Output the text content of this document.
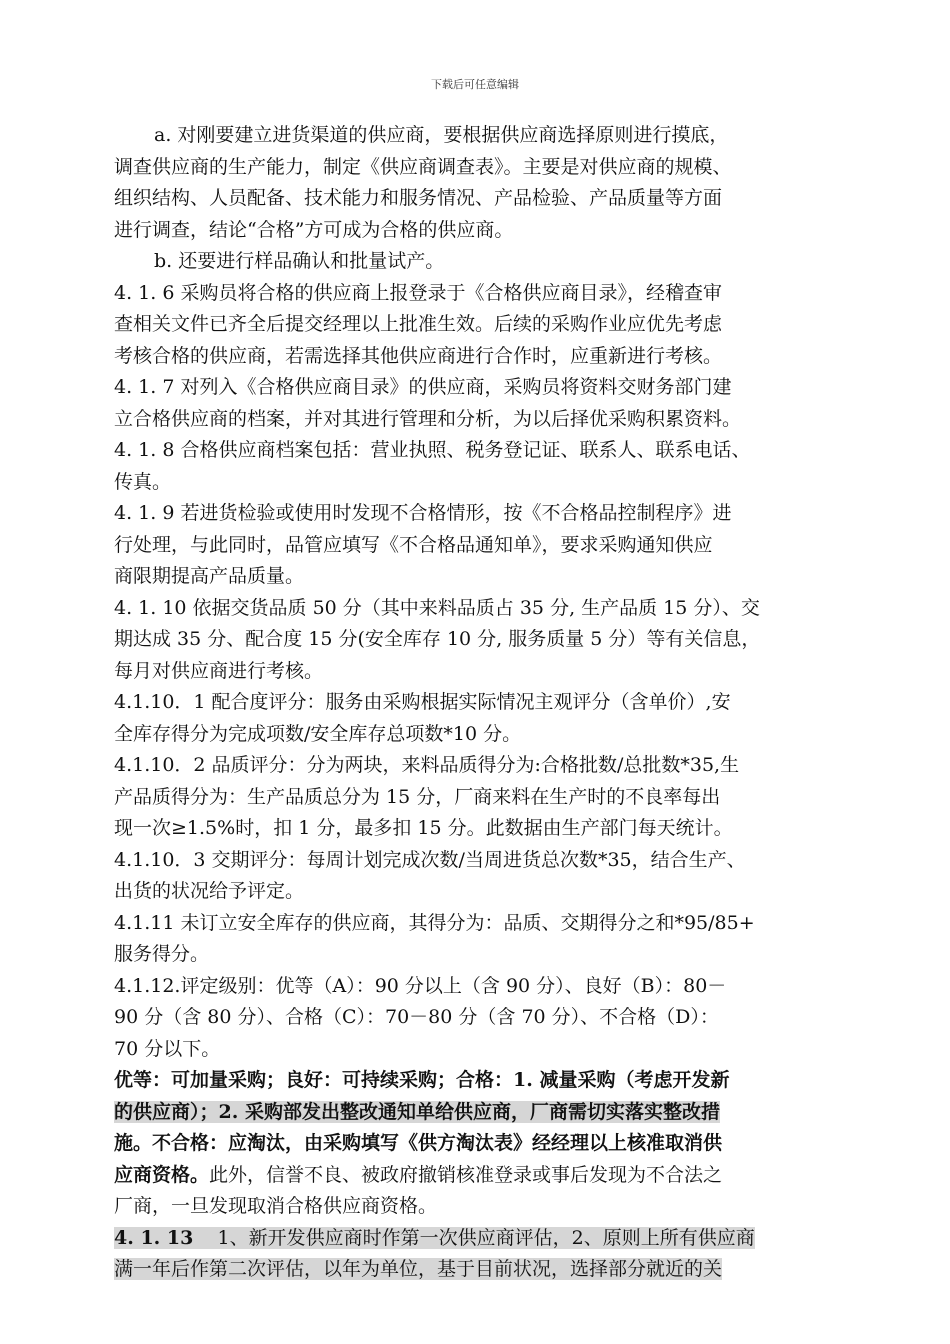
下载后可任意编辑
a. 对刚要建立进货渠道的供应商，要根据供应商选择原则进行摸底，
调查供应商的生产能力，制定《供应商调查表》。主要是对供应商的规模、
组织结构、人员配备、技术能力和服务情况、产品检验、产品质量等方面
进行调查，结论“合格”方可成为合格的供应商。
b. 还要进行样品确认和批量试产。
4. 1. 6 采购员将合格的供应商上报登录于《合格供应商目录》，经稽查审
查相关文件已齐全后提交经理以上批准生效。后续的采购作业应优先考虑
考核合格的供应商，若需选择其他供应商进行合作时，应重新进行考核。
4. 1. 7 对列入《合格供应商目录》的供应商，采购员将资料交财务部门建
立合格供应商的档案，并对其进行管理和分析，为以后择优采购积累资料。
4. 1. 8 合格供应商档案包括：营业执照、税务登记证、联系人、联系电话、
传真。
4. 1. 9 若进货检验或使用时发现不合格情形，按《不合格品控制程序》进
行处理，与此同时，品管应填写《不合格品通知单》，要求采购通知供应
商限期提高产品质量。
4. 1. 10 依据交货品质 50 分（其中来料品质占 35 分, 生产品质 15 分）、交
期达成 35 分、配合度 15 分(安全库存 10 分, 服务质量 5 分）等有关信息，
每月对供应商进行考核。
4.1.10．1 配合度评分：服务由采购根据实际情况主观评分（含单价）,安
全库存得分为完成项数/安全库存总项数*10 分。
4.1.10．2 品质评分：分为两块，来料品质得分为:合格批数/总批数*35,生
产品质得分为：生产品质总分为 15 分，厂商来料在生产时的不良率每出
现一次≥1.5%时，扣 1 分，最多扣 15 分。此数据由生产部门每天统计。
4.1.10．3 交期评分：每周计划完成次数/当周进货总次数*35，结合生产、
出货的状况给予评定。
4.1.11 未订立安全库存的供应商，其得分为：品质、交期得分之和*95/85+
服务得分。
4.1.12.评定级别：优等（A）：90 分以上（含 90 分）、良好（B）：80－
90 分（含 80 分）、合格（C）：70－80 分（含 70 分）、不合格（D）：
70 分以下。
优等：可加量采购；良好：可持续采购；合格：1. 减量采购（考虑开发新
的供应商）；2. 采购部发出整改通知单给供应商，厂商需切实落实整改措
施。不合格：应淘汰，由采购填写《供方淘汰表》经经理以上核准取消供
应商资格。此外，信誉不良、被政府撤销核准登录或事后发现为不合法之
厂商，一旦发现取消合格供应商资格。
4. 1. 13 1、新开发供应商时作第一次供应商评估，2、原则上所有供应商
满一年后作第二次评估，以年为单位，基于目前状况，选择部分就近的关
